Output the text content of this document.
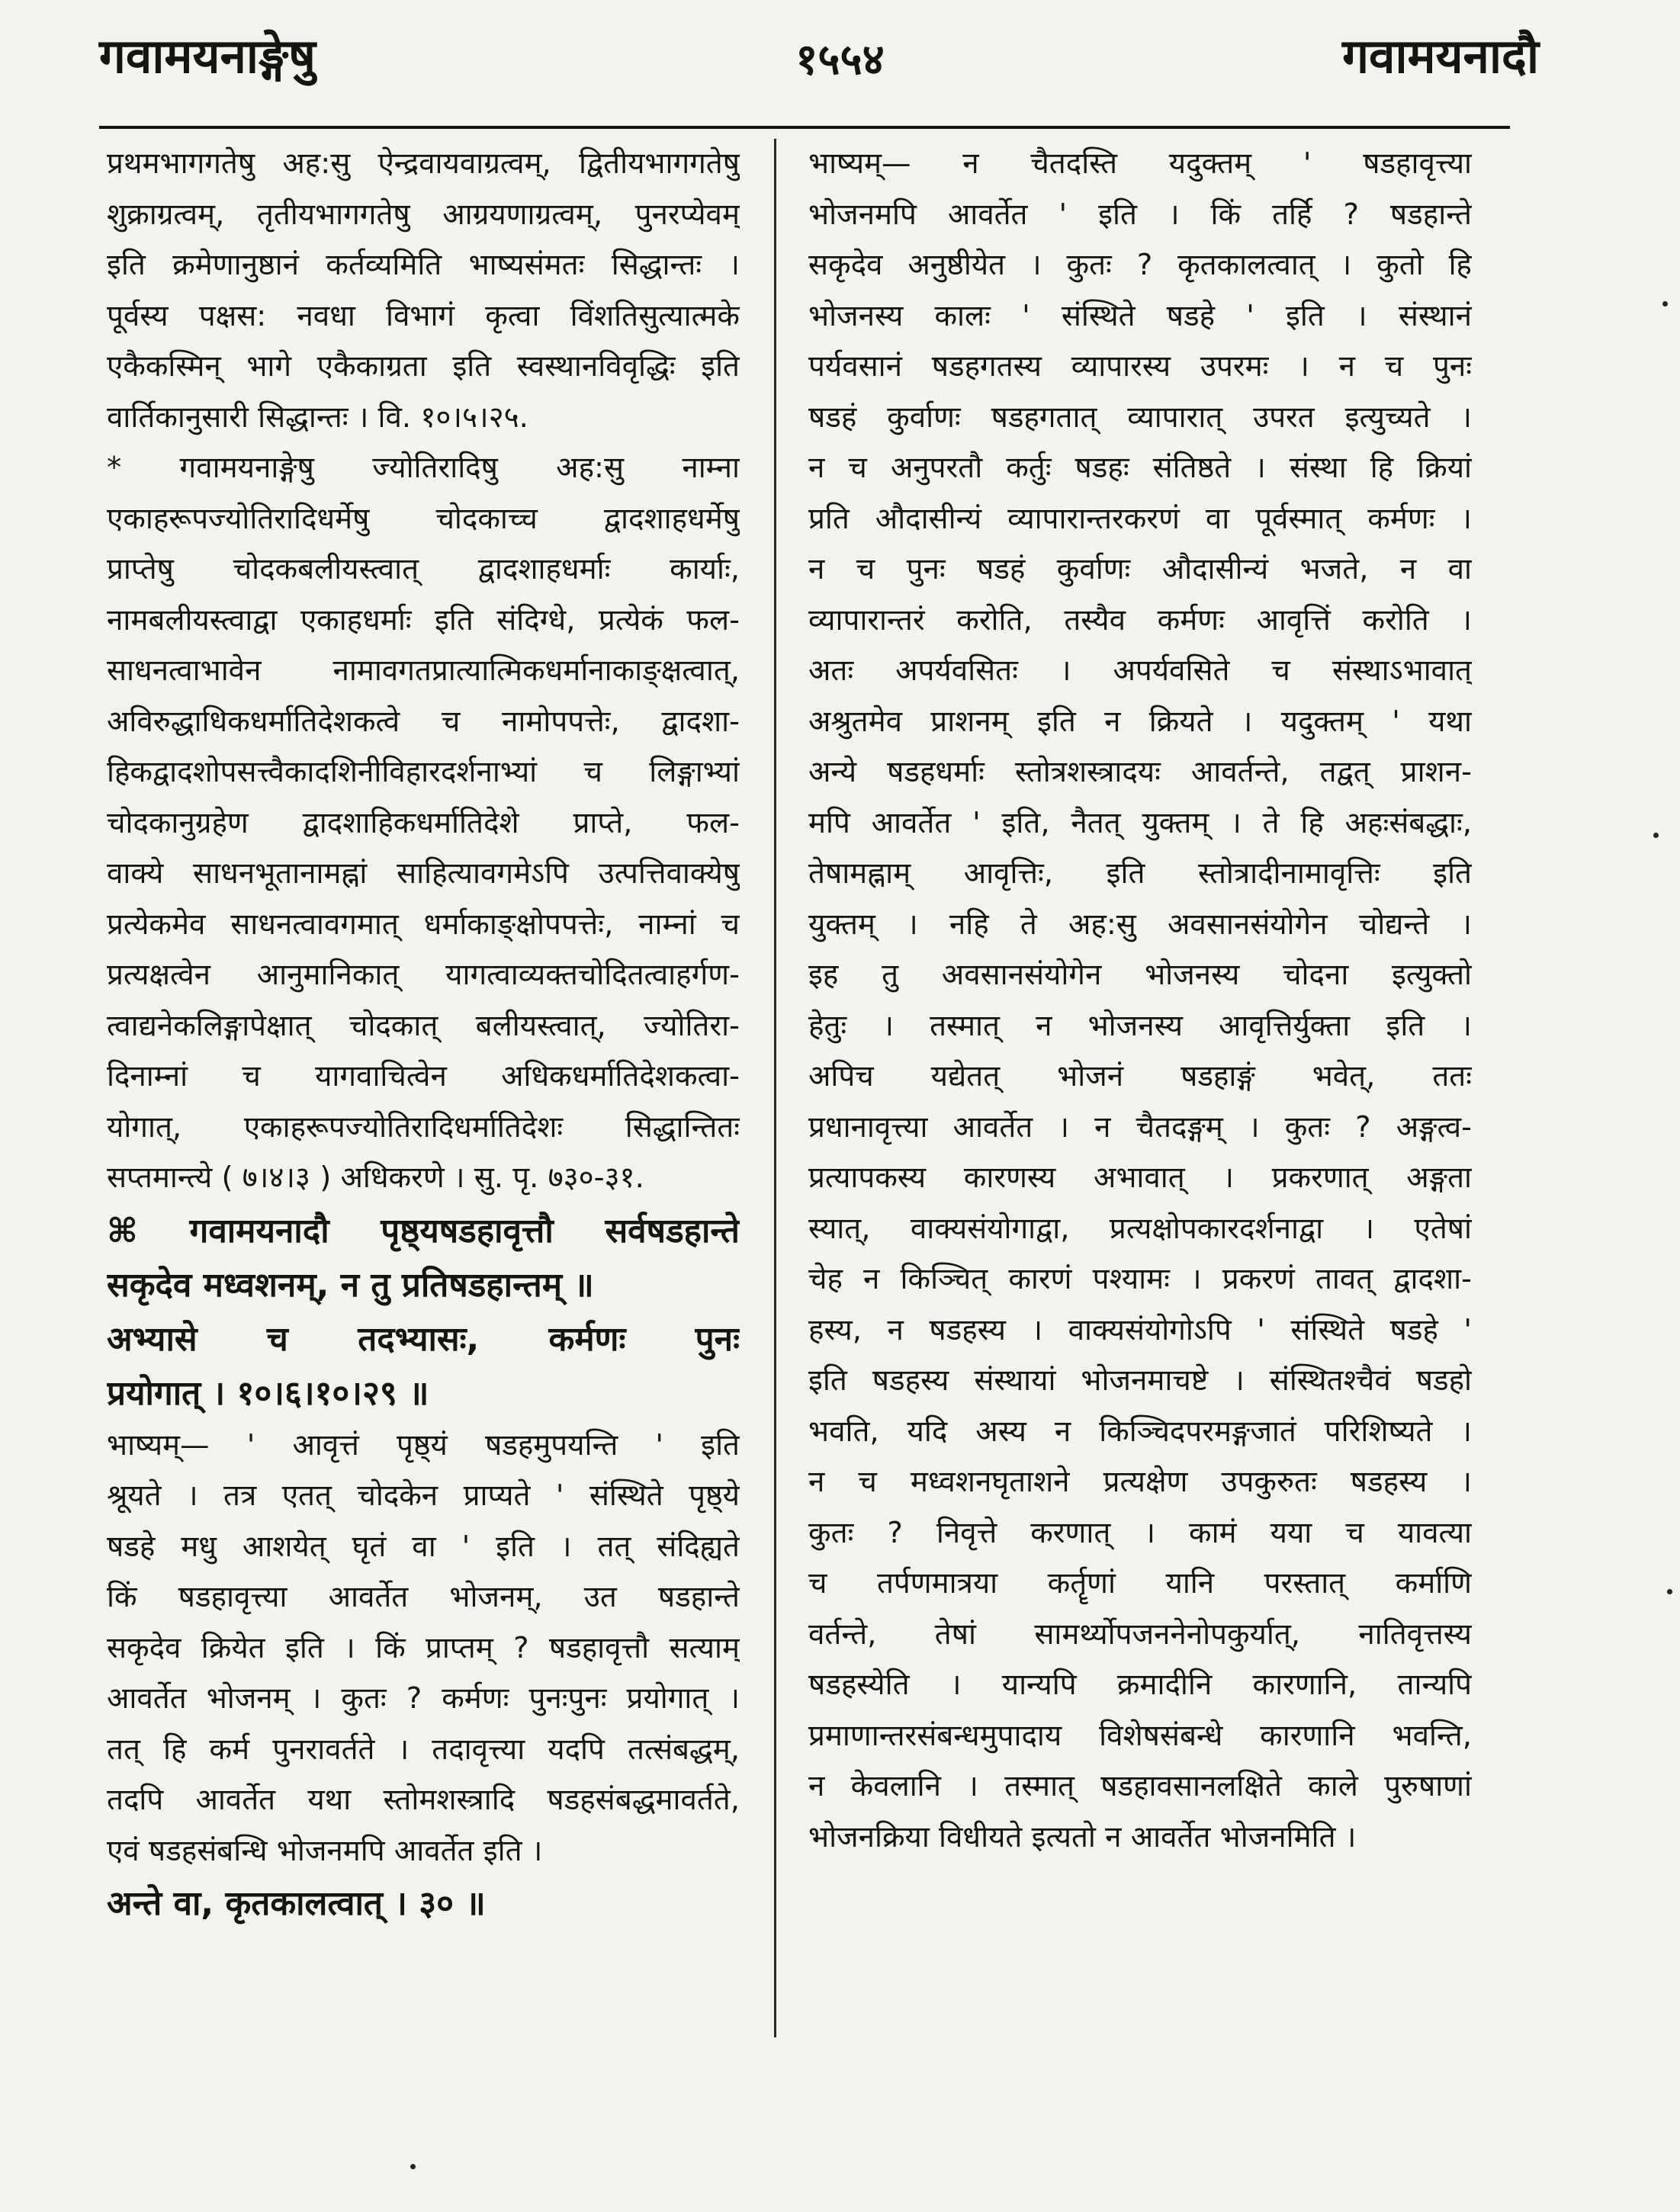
गवामयनाङ्गेषु	१५५४	गवामयनादौ

प्रथमभागगतेषु अह:सु ऐन्द्रवायवाग्रत्वम्, द्वितीयभागगतेषु

शुक्राग्रत्वम्, तृतीयभागगतेषु आग्रयणाग्रत्वम्, पुनरप्येवम्

इति क्रमेणानुष्ठानं कर्तव्यमिति भाष्यसंमतः सिद्धान्तः ।

पूर्वस्य पक्षस: नवधा विभागं कृत्वा विंशतिसुत्यात्मके

एकैकस्मिन् भागे एकैकाग्रता इति स्वस्थानविवृद्धिः इति

वार्तिकानुसारी सिद्धान्तः । वि. १०।५।२५.

* गवामयनाङ्गेषु ज्योतिरादिषु अह:सु नाम्ना

एकाहरूपज्योतिरादिधर्मेषु चोदकाच्च द्वादशाहधर्मेषु

प्राप्तेषु चोदकबलीयस्त्वात् द्वादशाहधर्माः कार्याः,

नामबलीयस्त्वाद्वा एकाहधर्माः इति संदिग्धे, प्रत्येकं फल-

साधनत्वाभावेन नामावगतप्रात्यात्मिकधर्मानाकाङ्क्षत्वात्,

अविरुद्धाधिकधर्मातिदेशकत्वे च नामोपपत्तेः, द्वादशा-

हिकद्वादशोपसत्त्वैकादशिनीविहारदर्शनाभ्यां च लिङ्गाभ्यां

चोदकानुग्रहेण द्वादशाहिकधर्मातिदेशे प्राप्ते, फल-

वाक्ये साधनभूतानामह्नां साहित्यावगमेऽपि उत्पत्तिवाक्येषु

प्रत्येकमेव साधनत्वावगमात् धर्माकाङ्क्षोपपत्तेः, नाम्नां च

प्रत्यक्षत्वेन आनुमानिकात् यागत्वाव्यक्तचोदितत्वाहर्गण-

त्वाद्यनेकलिङ्गापेक्षात् चोदकात् बलीयस्त्वात्, ज्योतिरा-

दिनाम्नां च यागवाचित्वेन अधिकधर्मातिदेशकत्वा-

योगात्, एकाहरूपज्योतिरादिधर्मातिदेशः सिद्धान्तितः

सप्तमान्त्ये ( ७।४।३ ) अधिकरणे । सु. पृ. ७३०-३१.

⌘ गवामयनादौ पृष्ठ्यषडहावृत्तौ सर्वषडहान्ते

सकृदेव मध्वशनम्, न तु प्रतिषडहान्तम् ॥

अभ्यासे च तदभ्यासः, कर्मणः पुनः

प्रयोगात् । १०।६।१०।२९ ॥

भाष्यम्— ' आवृत्तं पृष्ठ्यं षडहमुपयन्ति ' इति

श्रूयते । तत्र एतत् चोदकेन प्राप्यते ' संस्थिते पृष्ठ्ये

षडहे मधु आशयेत् घृतं वा ' इति । तत् संदिह्यते

किं षडहावृत्त्या आवर्तेत भोजनम्, उत षडहान्ते

सकृदेव क्रियेत इति । किं प्राप्तम् ? षडहावृत्तौ सत्याम्

आवर्तेत भोजनम् । कुतः ? कर्मणः पुनःपुनः प्रयोगात् ।

तत् हि कर्म पुनरावर्तते । तदावृत्त्या यदपि तत्संबद्धम्,

तदपि आवर्तेत यथा स्तोमशस्त्रादि षडहसंबद्धमावर्तते,

एवं षडहसंबन्धि भोजनमपि आवर्तेत इति ।

अन्ते वा, कृतकालत्वात् । ३० ॥

भाष्यम्— न चैतदस्ति यदुक्तम् ' षडहावृत्त्या

भोजनमपि आवर्तेत ' इति । किं तर्हि ? षडहान्ते

सकृदेव अनुष्ठीयेत । कुतः ? कृतकालत्वात् । कुतो हि

भोजनस्य कालः ' संस्थिते षडहे ' इति । संस्थानं

पर्यवसानं षडहगतस्य व्यापारस्य उपरमः । न च पुनः

षडहं कुर्वाणः षडहगतात् व्यापारात् उपरत इत्युच्यते ।

न च अनुपरतौ कर्तुः षडहः संतिष्ठते । संस्था हि क्रियां

प्रति औदासीन्यं व्यापारान्तरकरणं वा पूर्वस्मात् कर्मणः ।

न च पुनः षडहं कुर्वाणः औदासीन्यं भजते, न वा

व्यापारान्तरं करोति, तस्यैव कर्मणः आवृत्तिं करोति ।

अतः अपर्यवसितः । अपर्यवसिते च संस्थाऽभावात्

अश्रुतमेव प्राशनम् इति न क्रियते । यदुक्तम् ' यथा

अन्ये षडहधर्माः स्तोत्रशस्त्रादयः आवर्तन्ते, तद्वत् प्राशन-

मपि आवर्तेत ' इति, नैतत् युक्तम् । ते हि अहःसंबद्धाः,

तेषामह्नाम् आवृत्तिः, इति स्तोत्रादीनामावृत्तिः इति

युक्तम् । नहि ते अह:सु अवसानसंयोगेन चोद्यन्ते ।

इह तु अवसानसंयोगेन भोजनस्य चोदना इत्युक्तो

हेतुः । तस्मात् न भोजनस्य आवृत्तिर्युक्ता इति ।

अपिच यद्येतत् भोजनं षडहाङ्गं भवेत्, ततः

प्रधानावृत्त्या आवर्तेत । न चैतदङ्गम् । कुतः ? अङ्गत्व-

प्रत्यापकस्य कारणस्य अभावात् । प्रकरणात् अङ्गता

स्यात्, वाक्यसंयोगाद्वा, प्रत्यक्षोपकारदर्शनाद्वा । एतेषां

चेह न किञ्चित् कारणं पश्यामः । प्रकरणं तावत् द्वादशा-

हस्य, न षडहस्य । वाक्यसंयोगोऽपि ' संस्थिते षडहे '

इति षडहस्य संस्थायां भोजनमाचष्टे । संस्थितश्चैवं षडहो

भवति, यदि अस्य न किञ्चिदपरमङ्गजातं परिशिष्यते ।

न च मध्वशनघृताशने प्रत्यक्षेण उपकुरुतः षडहस्य ।

कुतः ? निवृत्ते करणात् । कामं यया च यावत्या

च तर्पणमात्रया कर्तॄणां यानि परस्तात् कर्माणि

वर्तन्ते, तेषां सामर्थ्योपजननेनोपकुर्यात्, नातिवृत्तस्य

षडहस्येति । यान्यपि क्रमादीनि कारणानि, तान्यपि

प्रमाणान्तरसंबन्धमुपादाय विशेषसंबन्धे कारणानि भवन्ति,

न केवलानि । तस्मात् षडहावसानलक्षिते काले पुरुषाणां

भोजनक्रिया विधीयते इत्यतो न आवर्तेत भोजनमिति ।
